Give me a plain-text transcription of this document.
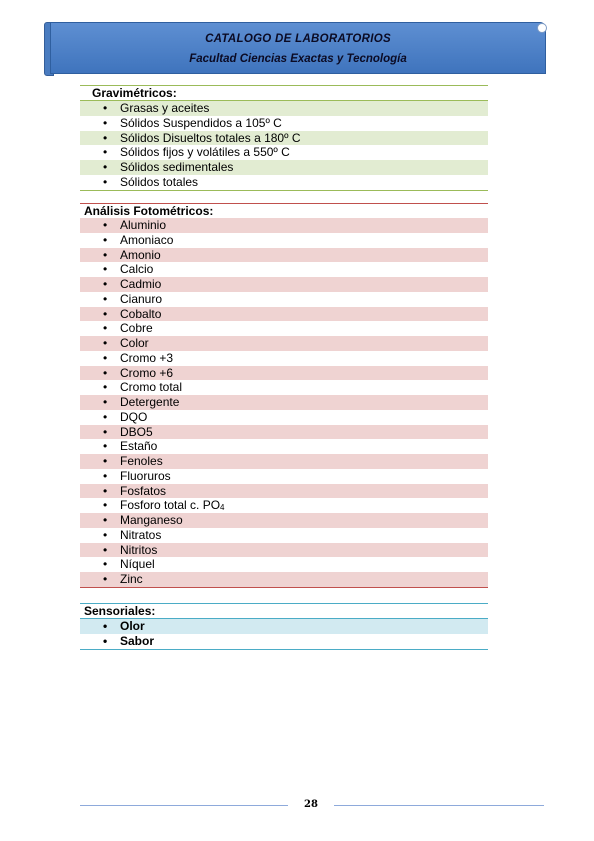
CATALOGO DE LABORATORIOS
Facultad Ciencias Exactas y Tecnología
Gravimétricos:
• Grasas y aceites
• Sólidos Suspendidos a 105º C
• Sólidos Disueltos totales a 180º C
• Sólidos fijos y volátiles a 550º C
• Sólidos sedimentales
• Sólidos totales
Análisis Fotométricos:
• Aluminio
• Amoniaco
• Amonio
• Calcio
• Cadmio
• Cianuro
• Cobalto
• Cobre
• Color
• Cromo +3
• Cromo +6
• Cromo total
• Detergente
• DQO
• DBO5
• Estaño
• Fenoles
• Fluoruros
• Fosfatos
• Fosforo total c. $PO_4$
• Manganeso
• Nitratos
• Nitritos
• Níquel
• Zinc
Sensoriales:
• Olor
• Sabor
28
